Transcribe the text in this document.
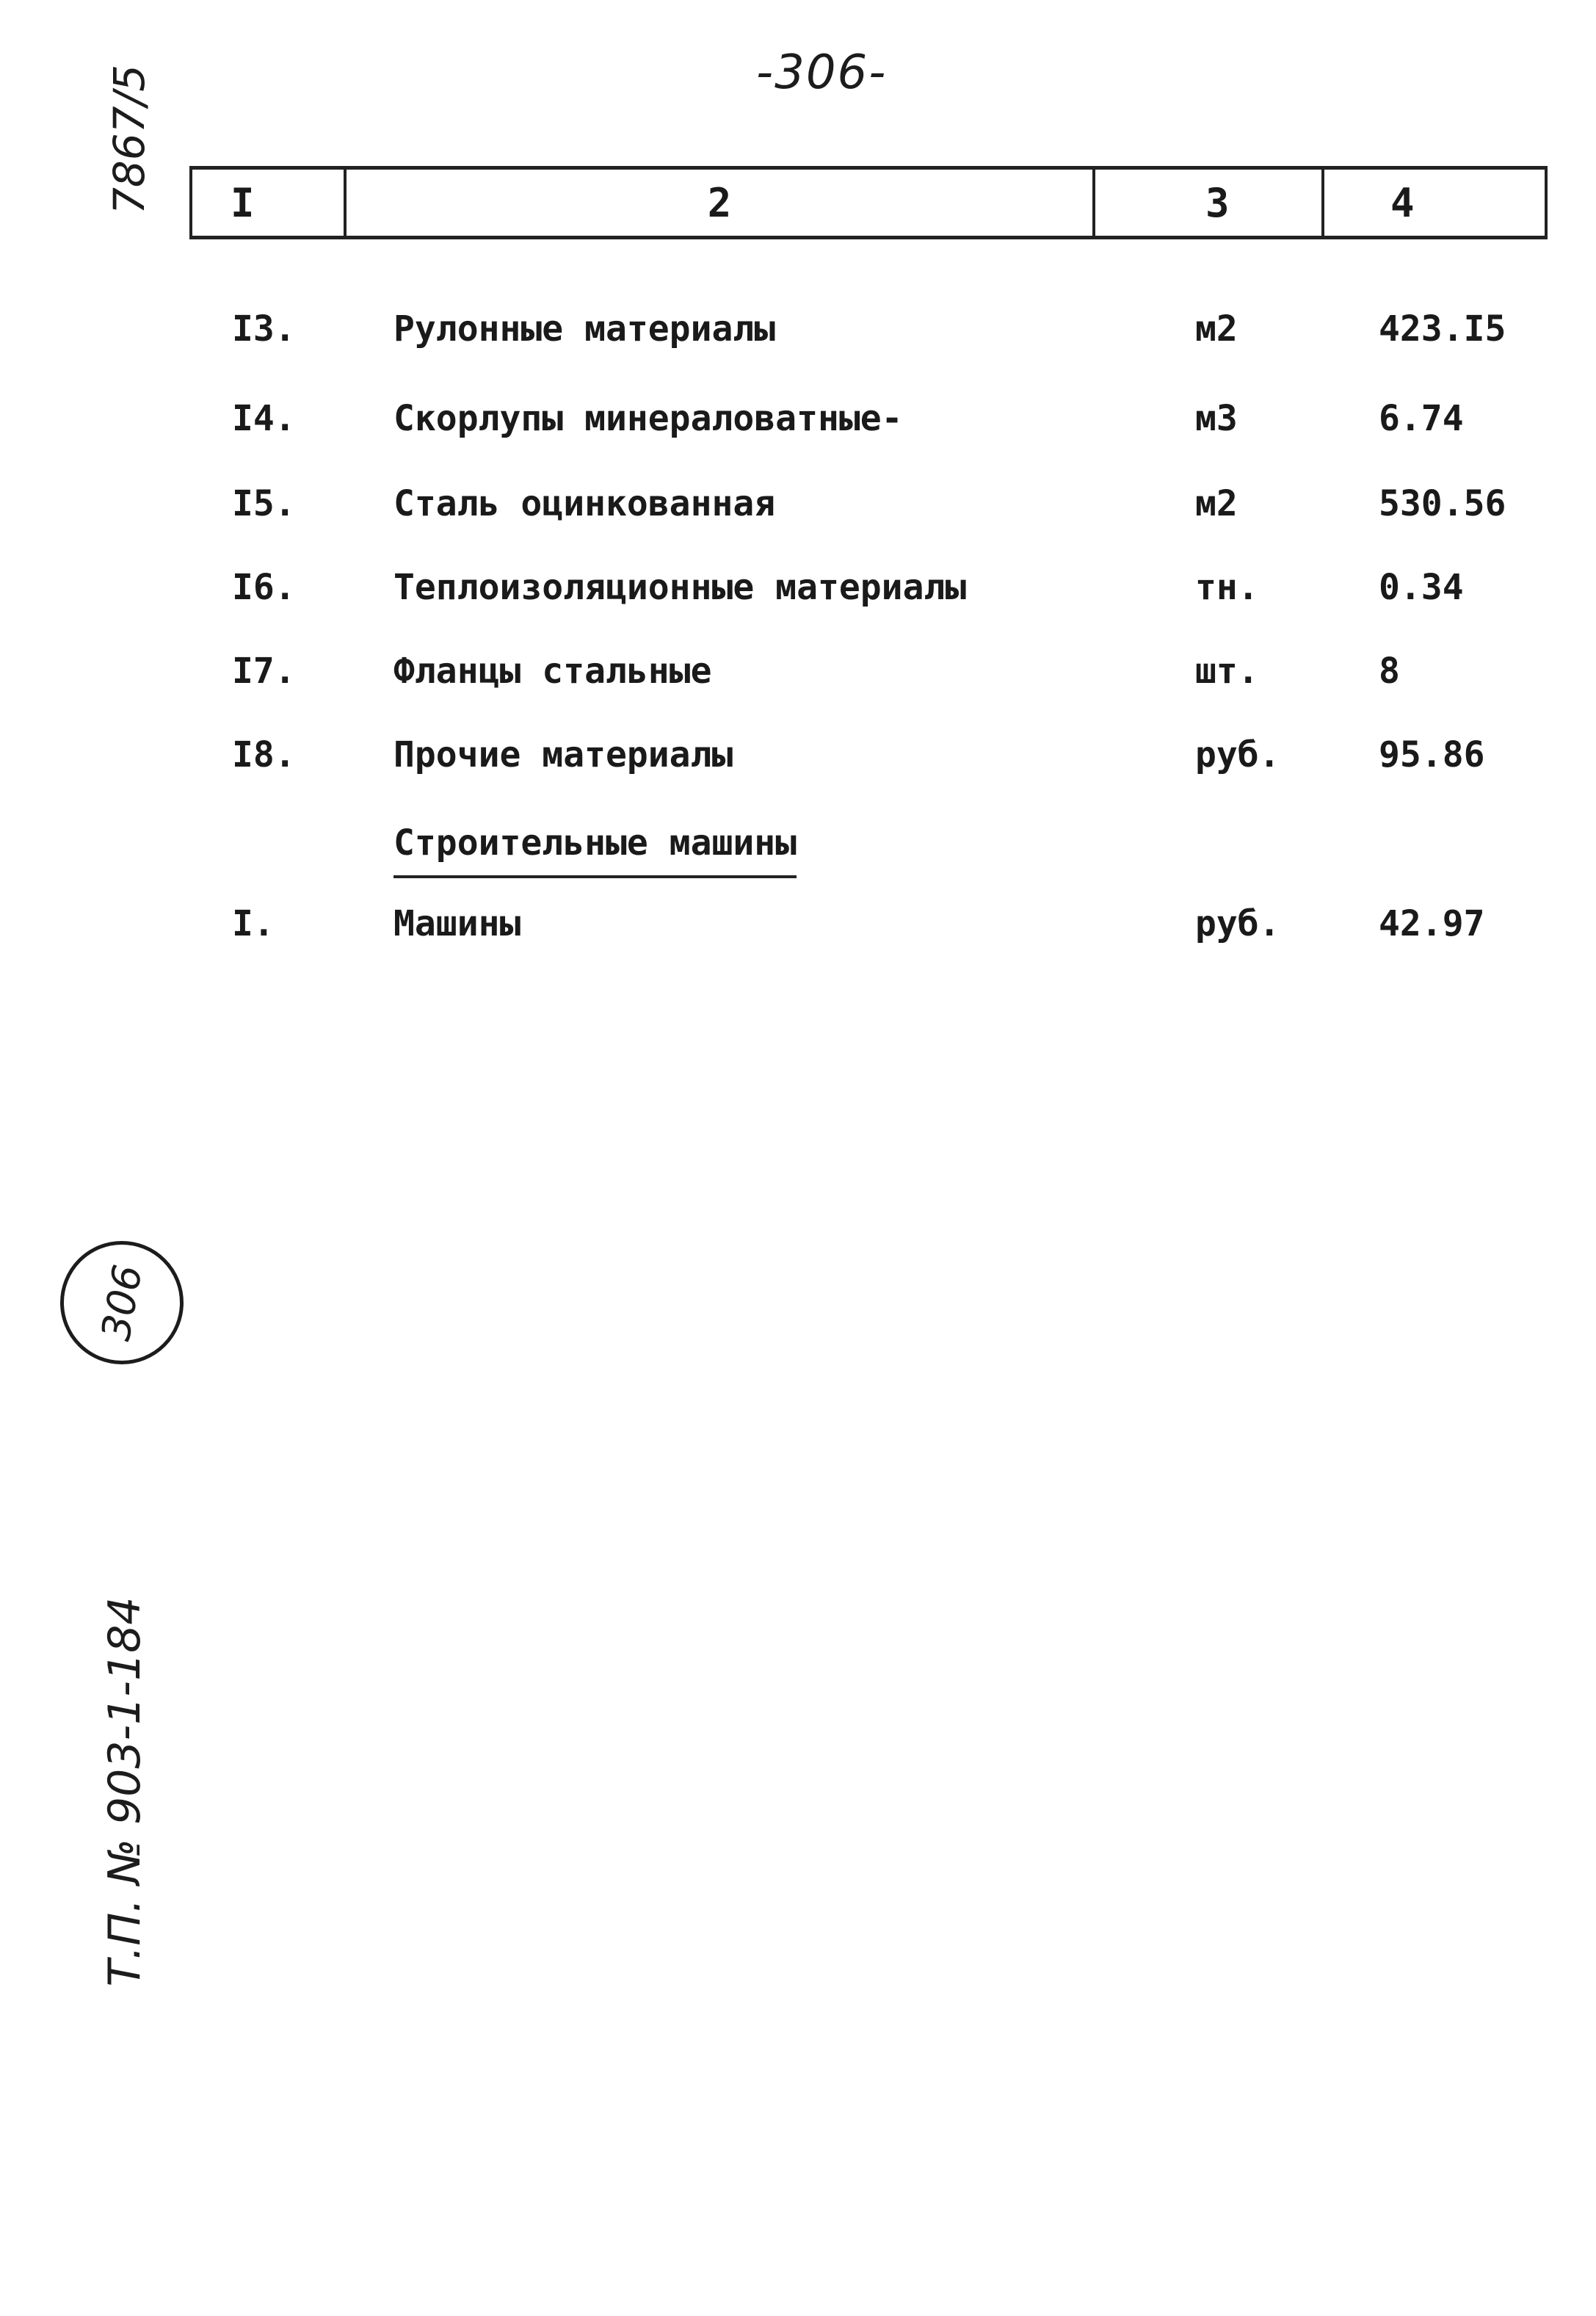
-306-
7867/5
306
Т.П. № 903-1-184
I	2	3	4
I3.	Рулонные материалы	м2	423.I5
I4.	Скорлупы минераловатные-	м3	6.74
I5.	Сталь оцинкованная	м2	530.56
I6.	Теплоизоляционные материалы	тн.	0.34
I7.	Фланцы стальные	шт.	8
I8.	Прочие материалы	руб.	95.86
Строительные машины
I.	Машины	руб.	42.97
